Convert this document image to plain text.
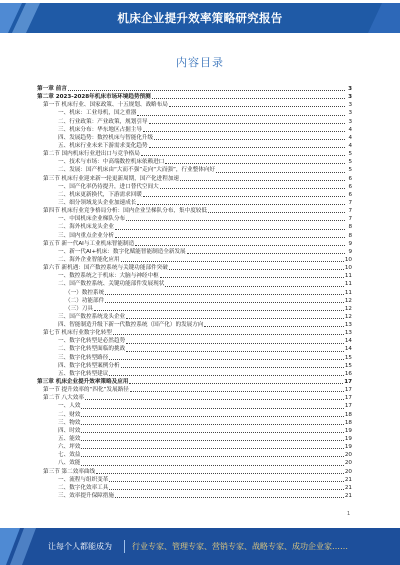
机床企业提升效率策略研究报告
内容目录
第一章 前言	3
第二章 2023-2028年机床市场环境趋势预测	3
第一节 机床行业、国家政策、十五规划、战略布局	3
一、机床：工业母机，国之重器	3
二、行业政策：产业政策，规划引导	3
三、机床分布：华东地区占据主导	4
四、发展趋势：数控机床与智能化升级	4
五、机床行业未来下游需求变化趋势	4
第二节 国内机床行业进出口与竞争格局	5
一、技术与市场：中高端数控机床依赖进口	5
二、发展：国产机床由“大而不强”走向“大而强”，行业整体向好	5
第三节 机床行业迎来新一轮更新周期，国产化进程加速	6
一、国产化率仍待提升，进口替代空间大	6
二、机床更新换代，下游需求回暖	6
三、细分领域龙头企业加速成长	7
第四节 机床行业竞争格局分析：国内企业呈梯队分布，集中度较低	7
一、中国机床企业梯队分布	7
二、海外机床龙头企业	8
三、国内重点企业分析	8
第五节 新一代AI与工业机床智能制造	9
一、新一代AI+机床：数字化赋能智能制造全新发展	9
二、海外企业智能化应用	10
第六节 新机遇：国产数控系统与关键功能部件突破	10
一、数控系统之于机床：大脑与神经中枢	11
二、国产数控系统、关键功能部件发展现状	11
（一）数控系统	11
（二）功能部件	12
（三）刀具	12
三、国产数控系统龙头企业	12
四、智能制造升级下新一代数控系统（国产化）的发展方向	13
第七节 机床行业数字化转型	13
一、数字化转型是必然趋势	14
二、数字化转型面临的挑战	14
三、数字化转型路径	15
四、数字化转型案例分析	15
五、数字化转型建议	16
第三章 机床企业提升效率策略及应用	17
第一节 提升效率的“四化”发展路径	17
第二节 八大效率	17
一、人效	17
二、财效	18
三、物效	18
四、时效	19
五、能效	19
六、坪效	19
七、效益	20
八、效能	20
第三节 第二效率曲线	20
一、流程与组织变革	21
二、数字化效率工具	21
三、效率提升保障措施	21
1
让每个人都能成为	行业专家、管理专家、营销专家、战略专家、成功企业家……
